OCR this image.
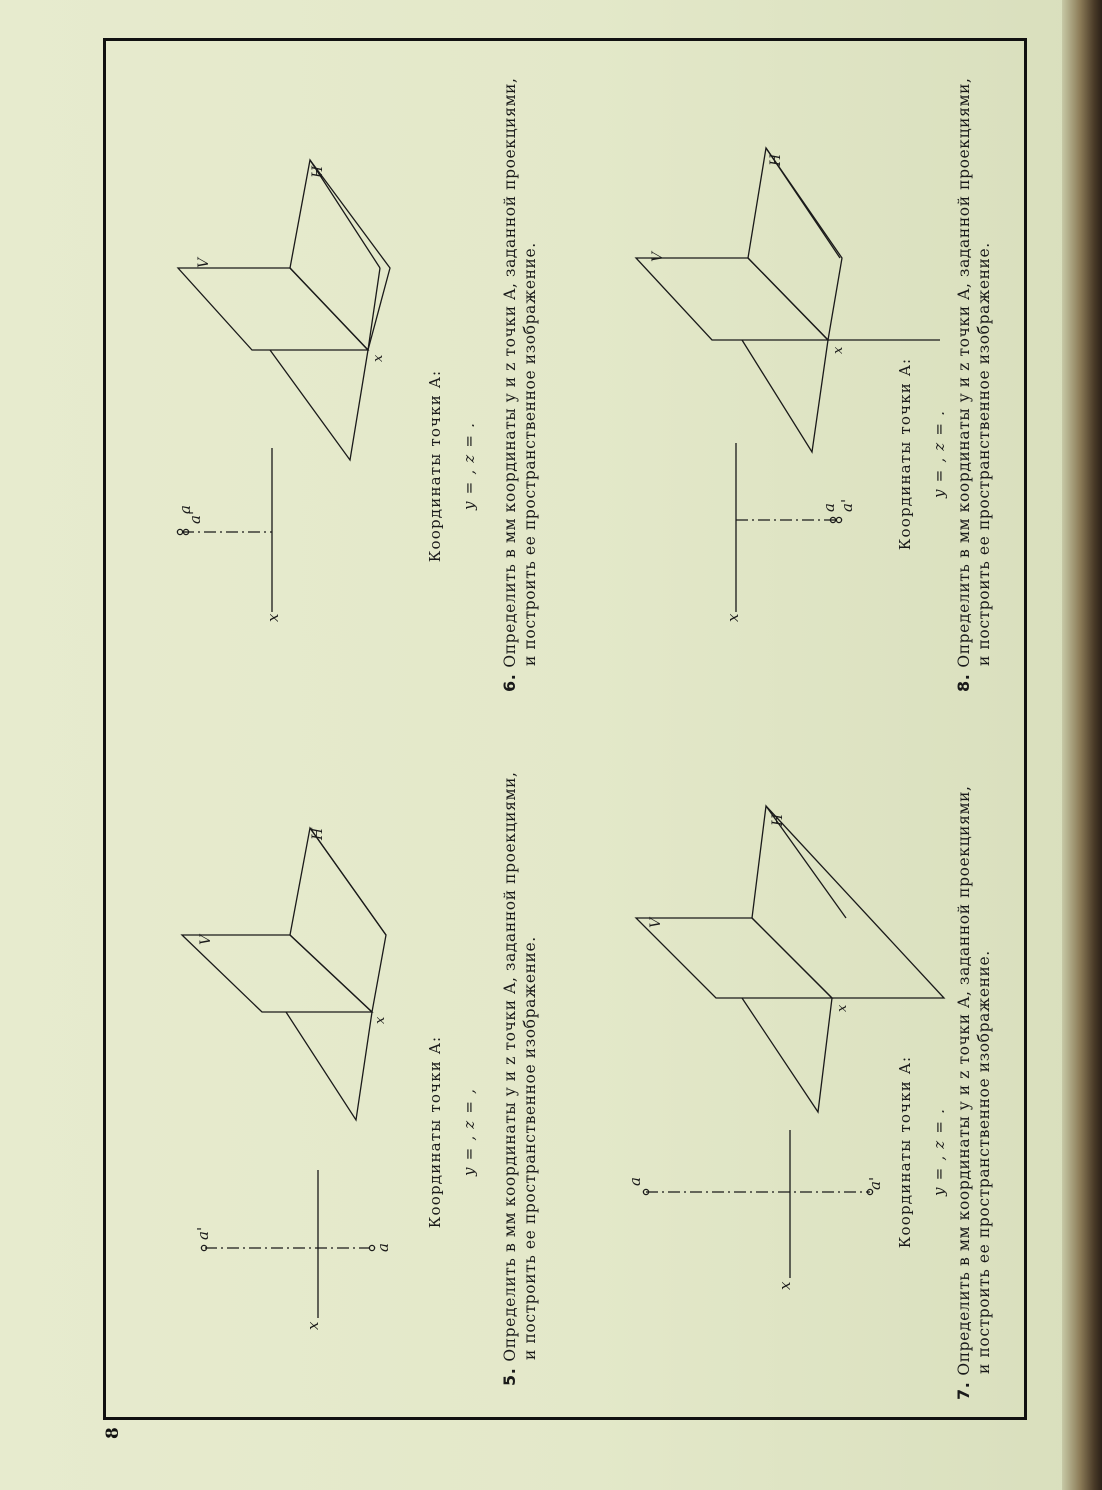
8
a'
a
x
V
H
x
a'
a
x
V
H
x
a a'
x
V
H
x
a	a'
x
V
H
x
Координаты точки A:	y = , z = .
Координаты точки A:	y = , z = ,
Координаты точки A:	y = , z = .
Координаты точки A:	y = , z = .
6.Определить в мм координаты y и z точки A, заданной проекциями, и построить ее пространственное изображение.
5.Определить в мм координаты y и z точки A, заданной проекциями, и построить ее пространственное изображение.
8.Определить в мм координаты y и z точки A, заданной проекциями, и построить ее пространственное изображение.
7.Определить в мм координаты y и z точки A, заданной проекциями, и построить ее пространственное изображение.
